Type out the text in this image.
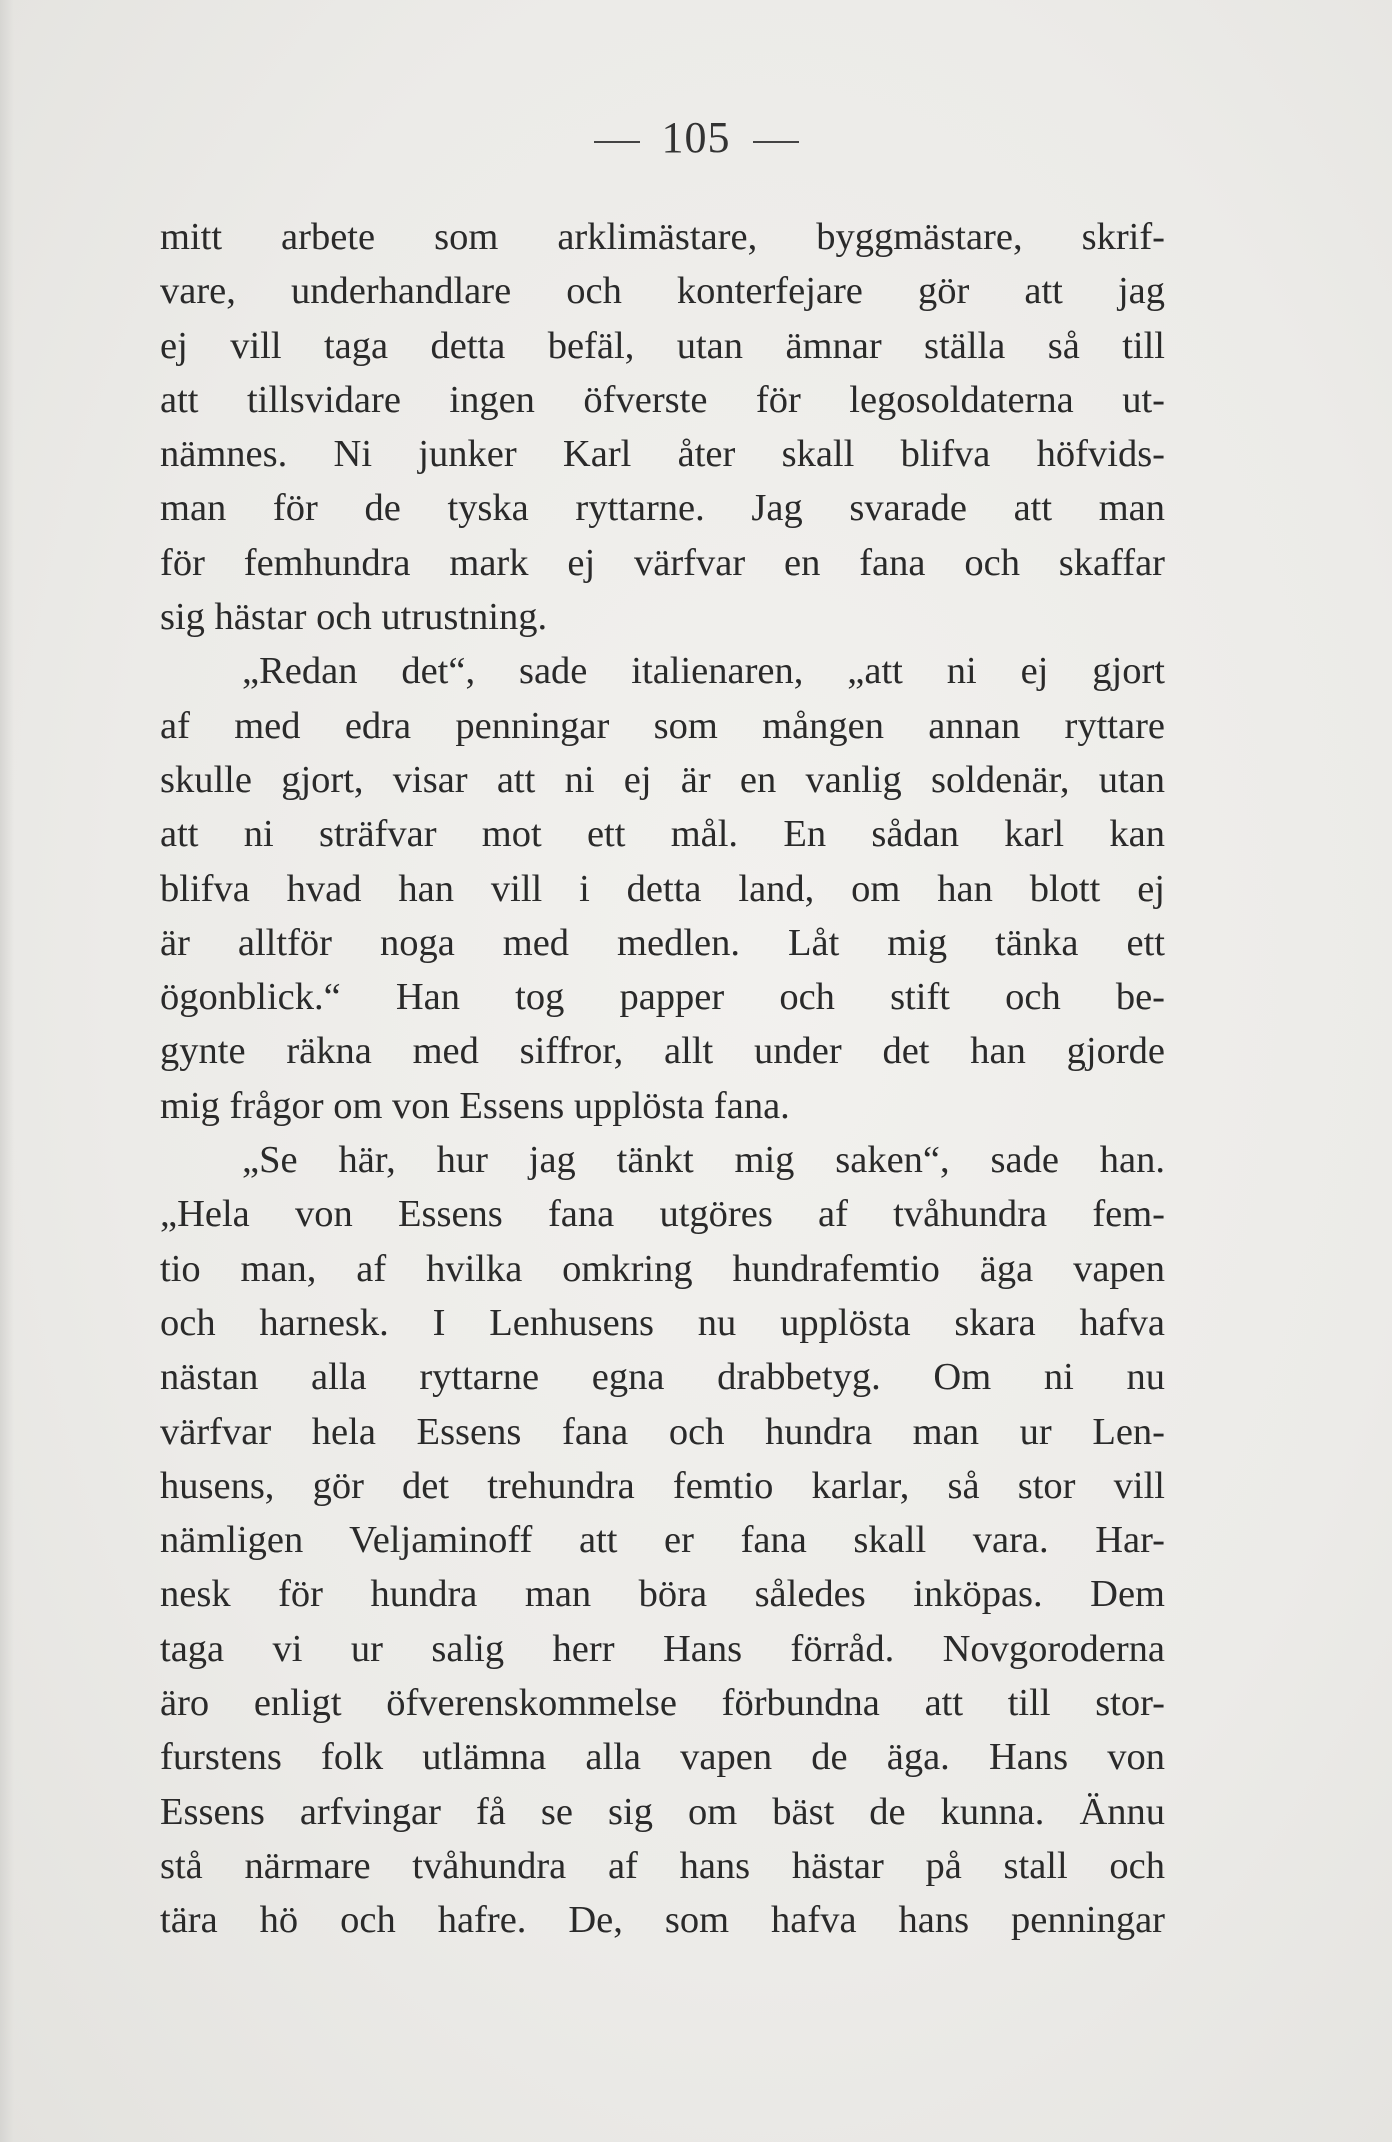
105
mitt arbete som arklimästare, byggmästare, skrif-
vare, underhandlare och konterfejare gör att jag
ej vill taga detta befäl, utan ämnar ställa så till
att tillsvidare ingen öfverste för legosoldaterna ut-
nämnes. Ni junker Karl åter skall blifva höfvids-
man för de tyska ryttarne. Jag svarade att man
för femhundra mark ej värfvar en fana och skaffar
sig hästar och utrustning.
„Redan det“, sade italienaren, „att ni ej gjort
af med edra penningar som mången annan ryttare
skulle gjort, visar att ni ej är en vanlig soldenär, utan
att ni sträfvar mot ett mål. En sådan karl kan
blifva hvad han vill i detta land, om han blott ej
är alltför noga med medlen. Låt mig tänka ett
ögonblick.“ Han tog papper och stift och be-
gynte räkna med siffror, allt under det han gjorde
mig frågor om von Essens upplösta fana.
„Se här, hur jag tänkt mig saken“, sade han.
„Hela von Essens fana utgöres af tvåhundra fem-
tio man, af hvilka omkring hundrafemtio äga vapen
och harnesk. I Lenhusens nu upplösta skara hafva
nästan alla ryttarne egna drabbetyg. Om ni nu
värfvar hela Essens fana och hundra man ur Len-
husens, gör det trehundra femtio karlar, så stor vill
nämligen Veljaminoff att er fana skall vara. Har-
nesk för hundra man böra således inköpas. Dem
taga vi ur salig herr Hans förråd. Novgoroderna
äro enligt öfverenskommelse förbundna att till stor-
furstens folk utlämna alla vapen de äga. Hans von
Essens arfvingar få se sig om bäst de kunna. Ännu
stå närmare tvåhundra af hans hästar på stall och
tära hö och hafre. De, som hafva hans penningar
